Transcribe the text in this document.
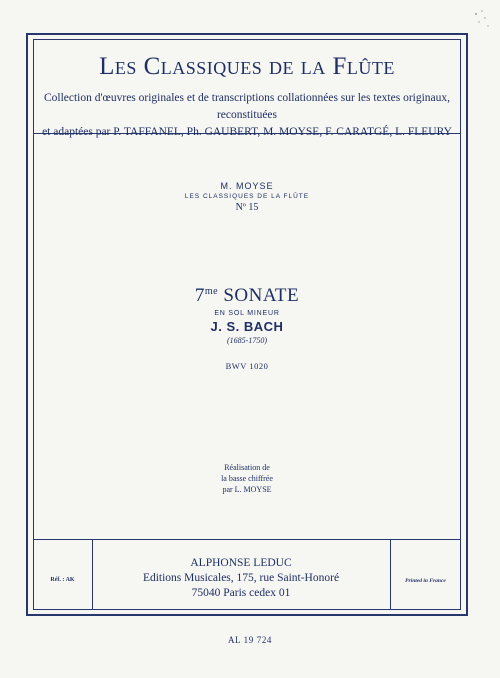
Les Classiques de la Flûte
Collection d'œuvres originales et de transcriptions collationnées sur les textes originaux, reconstituées
et adaptées par P. TAFFANEL, Ph. GAUBERT, M. MOYSE, F. CARATGÉ, L. FLEURY
M. MOYSE
LES CLASSIQUES DE LA FLÛTE
Nº 15
$7^{me}$ SONATE
EN SOL MINEUR
J. S. BACH
(1685-1750)
BWV 1020
Réalisation de
la basse chiffrée
par L. MOYSE
Réf. : AK
ALPHONSE LEDUC
Editions Musicales, 175, rue Saint-Honoré
75040 Paris cedex 01
Printed in France
AL 19 724
